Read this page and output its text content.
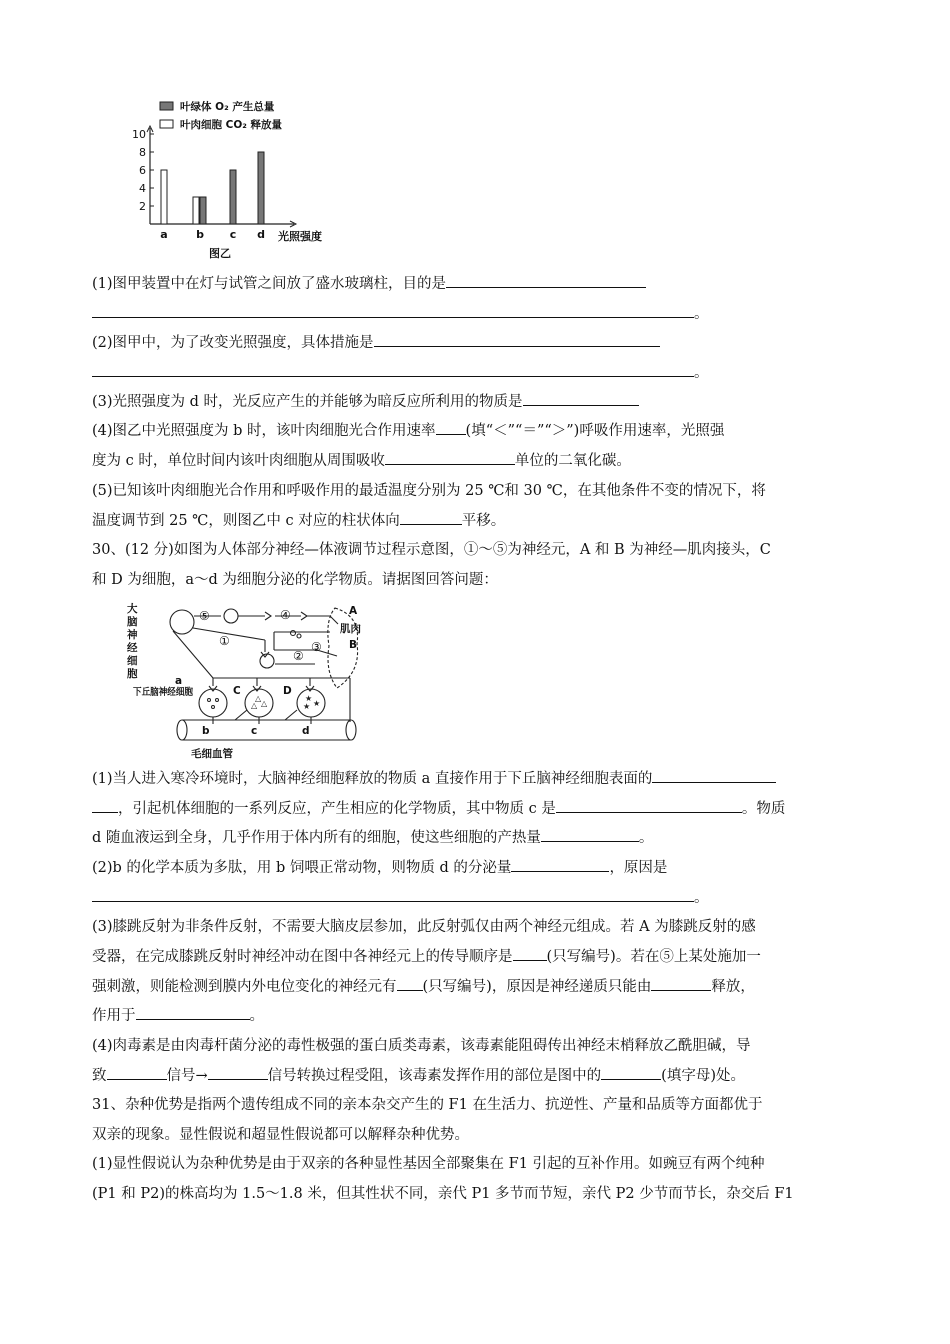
2
4
6
8
10
a	b c d 光照强度
图乙
叶绿体 O₂ 产生总量
叶肉细胞 CO₂ 释放量
△
△
△
★
★
★
大
脑
神
经
细
胞
下丘脑神经细胞
毛细血管
肌肉
A
B
C	D
a
b	c	d
①
②
③
④
⑤
(1)图甲装置中在灯与试管之间放了盛水玻璃柱，目的是
。
(2)图甲中，为了改变光照强度，具体措施是
。
(3)光照强度为 d 时，光反应产生的并能够为暗反应所利用的物质是
(4)图乙中光照强度为 b 时，该叶肉细胞光合作用速率 (填“＜”“＝”“＞”)呼吸作用速率，光照强
度为 c 时，单位时间内该叶肉细胞从周围吸收	单位的二氧化碳。
(5)已知该叶肉细胞光合作用和呼吸作用的最适温度分别为 25 ℃和 30 ℃，在其他条件不变的情况下，将
温度调节到 25 ℃，则图乙中 c 对应的柱状体向	平移。
30、(12 分)如图为人体部分神经—体液调节过程示意图，①～⑤为神经元，A 和 B 为神经—肌肉接头，C
和 D 为细胞，a～d 为细胞分泌的化学物质。请据图回答问题：
(1)当人进入寒冷环境时，大脑神经细胞释放的物质 a 直接作用于下丘脑神经细胞表面的
，引起机体细胞的一系列反应，产生相应的化学物质，其中物质 c 是	。物质
d 随血液运到全身，几乎作用于体内所有的细胞，使这些细胞的产热量	。
(2)b 的化学本质为多肽，用 b 饲喂正常动物，则物质 d 的分泌量	，原因是
。
(3)膝跳反射为非条件反射，不需要大脑皮层参加，此反射弧仅由两个神经元组成。若 A 为膝跳反射的感
受器，在完成膝跳反射时神经冲动在图中各神经元上的传导顺序是 (只写编号)。若在⑤上某处施加一
强刺激，则能检测到膜内外电位变化的神经元有 (只写编号)，原因是神经递质只能由	释放，
作用于	。
(4)肉毒素是由肉毒杆菌分泌的毒性极强的蛋白质类毒素，该毒素能阻碍传出神经末梢释放乙酰胆碱，导
致	信号→	信号转换过程受阻，该毒素发挥作用的部位是图中的	(填字母)处。
31、杂种优势是指两个遗传组成不同的亲本杂交产生的 F1 在生活力、抗逆性、产量和品质等方面都优于
双亲的现象。显性假说和超显性假说都可以解释杂种优势。
(1)显性假说认为杂种优势是由于双亲的各种显性基因全部聚集在 F1 引起的互补作用。如豌豆有两个纯种
(P1 和 P2)的株高均为 1.5～1.8 米，但其性状不同，亲代 P1 多节而节短，亲代 P2 少节而节长，杂交后 F1
